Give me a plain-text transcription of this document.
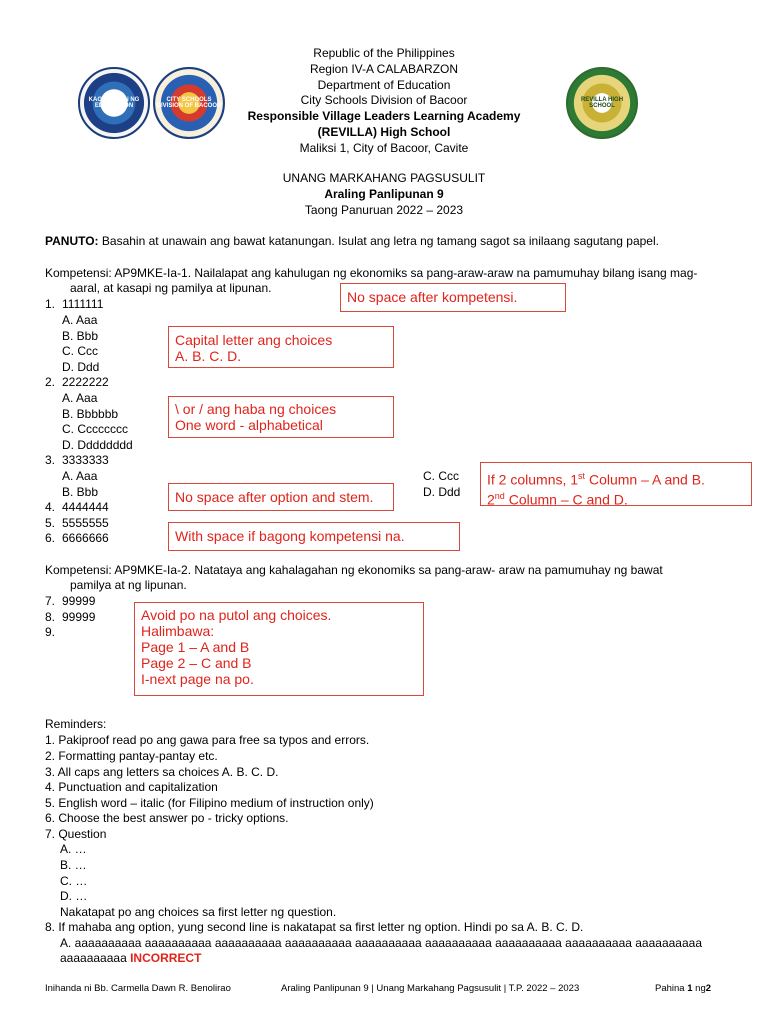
KAGAWARAN NG EDUKASYON
CITY SCHOOLS DIVISION OF BACOOR
REVILLA HIGH SCHOOL
Republic of the Philippines
Region IV-A CALABARZON
Department of Education
City Schools Division of Bacoor
Responsible Village Leaders Learning Academy
(REVILLA) High School
Maliksi 1, City of Bacoor, Cavite
UNANG MARKAHANG PAGSUSULIT
Araling Panlipunan 9
Taong Panuruan 2022 – 2023
PANUTO: Basahin at unawain ang bawat katanungan. Isulat ang letra ng tamang sagot sa inilaang sagutang papel.
Kompetensi: AP9MKE-Ia-1. Nailalapat ang kahulugan ng ekonomiks sa pang-araw-araw na pamumuhay bilang isang mag-
aaral, at kasapi ng pamilya at lipunan.
1. 1111111
A. Aaa
B. Bbb
C. Ccc
D. Ddd
2. 2222222
A. Aaa
B. Bbbbbb
C. Cccccccc
D. Dddddddd
3. 3333333
A. Aaa
B. Bbb
C. Ccc
D. Ddd
4. 4444444
5. 5555555
6. 6666666
Kompetensi: AP9MKE-Ia-2. Natataya ang kahalagahan ng ekonomiks sa pang-araw- araw na pamumuhay ng bawat
pamilya at ng lipunan.
7. 99999
8. 99999
9.
No space after kompetensi.
Capital letter ang choices
A. B. C. D.
\ or / ang haba ng choices
One word - alphabetical
If 2 columns, 1st Column – A and B.
2nd Column – C and D.
No space after option and stem.
With space if bagong kompetensi na.
Avoid po na putol ang choices.
Halimbawa:
Page 1 – A and B
Page 2 – C and B
I-next page na po.
Reminders:
1. Pakiproof read po ang gawa para free sa typos and errors.
2. Formatting pantay-pantay etc.
3. All caps ang letters sa choices A. B. C. D.
4. Punctuation and capitalization
5. English word – italic (for Filipino medium of instruction only)
6. Choose the best answer po - tricky options.
7. Question
A. …
B. …
C. …
D. …
Nakatapat po ang choices sa first letter ng question.
8. If mahaba ang option, yung second line is nakatapat sa first letter ng option. Hindi po sa A. B. C. D.
A. aaaaaaaaaa aaaaaaaaaa aaaaaaaaaa aaaaaaaaaa aaaaaaaaaa aaaaaaaaaa aaaaaaaaaa aaaaaaaaaa aaaaaaaaaa
aaaaaaaaaa INCORRECT
Inihanda ni Bb. Carmella Dawn R. Benolirao	Araling Panlipunan 9 | Unang Markahang Pagsusulit | T.P. 2022 – 2023	Pahina 1 ng2
